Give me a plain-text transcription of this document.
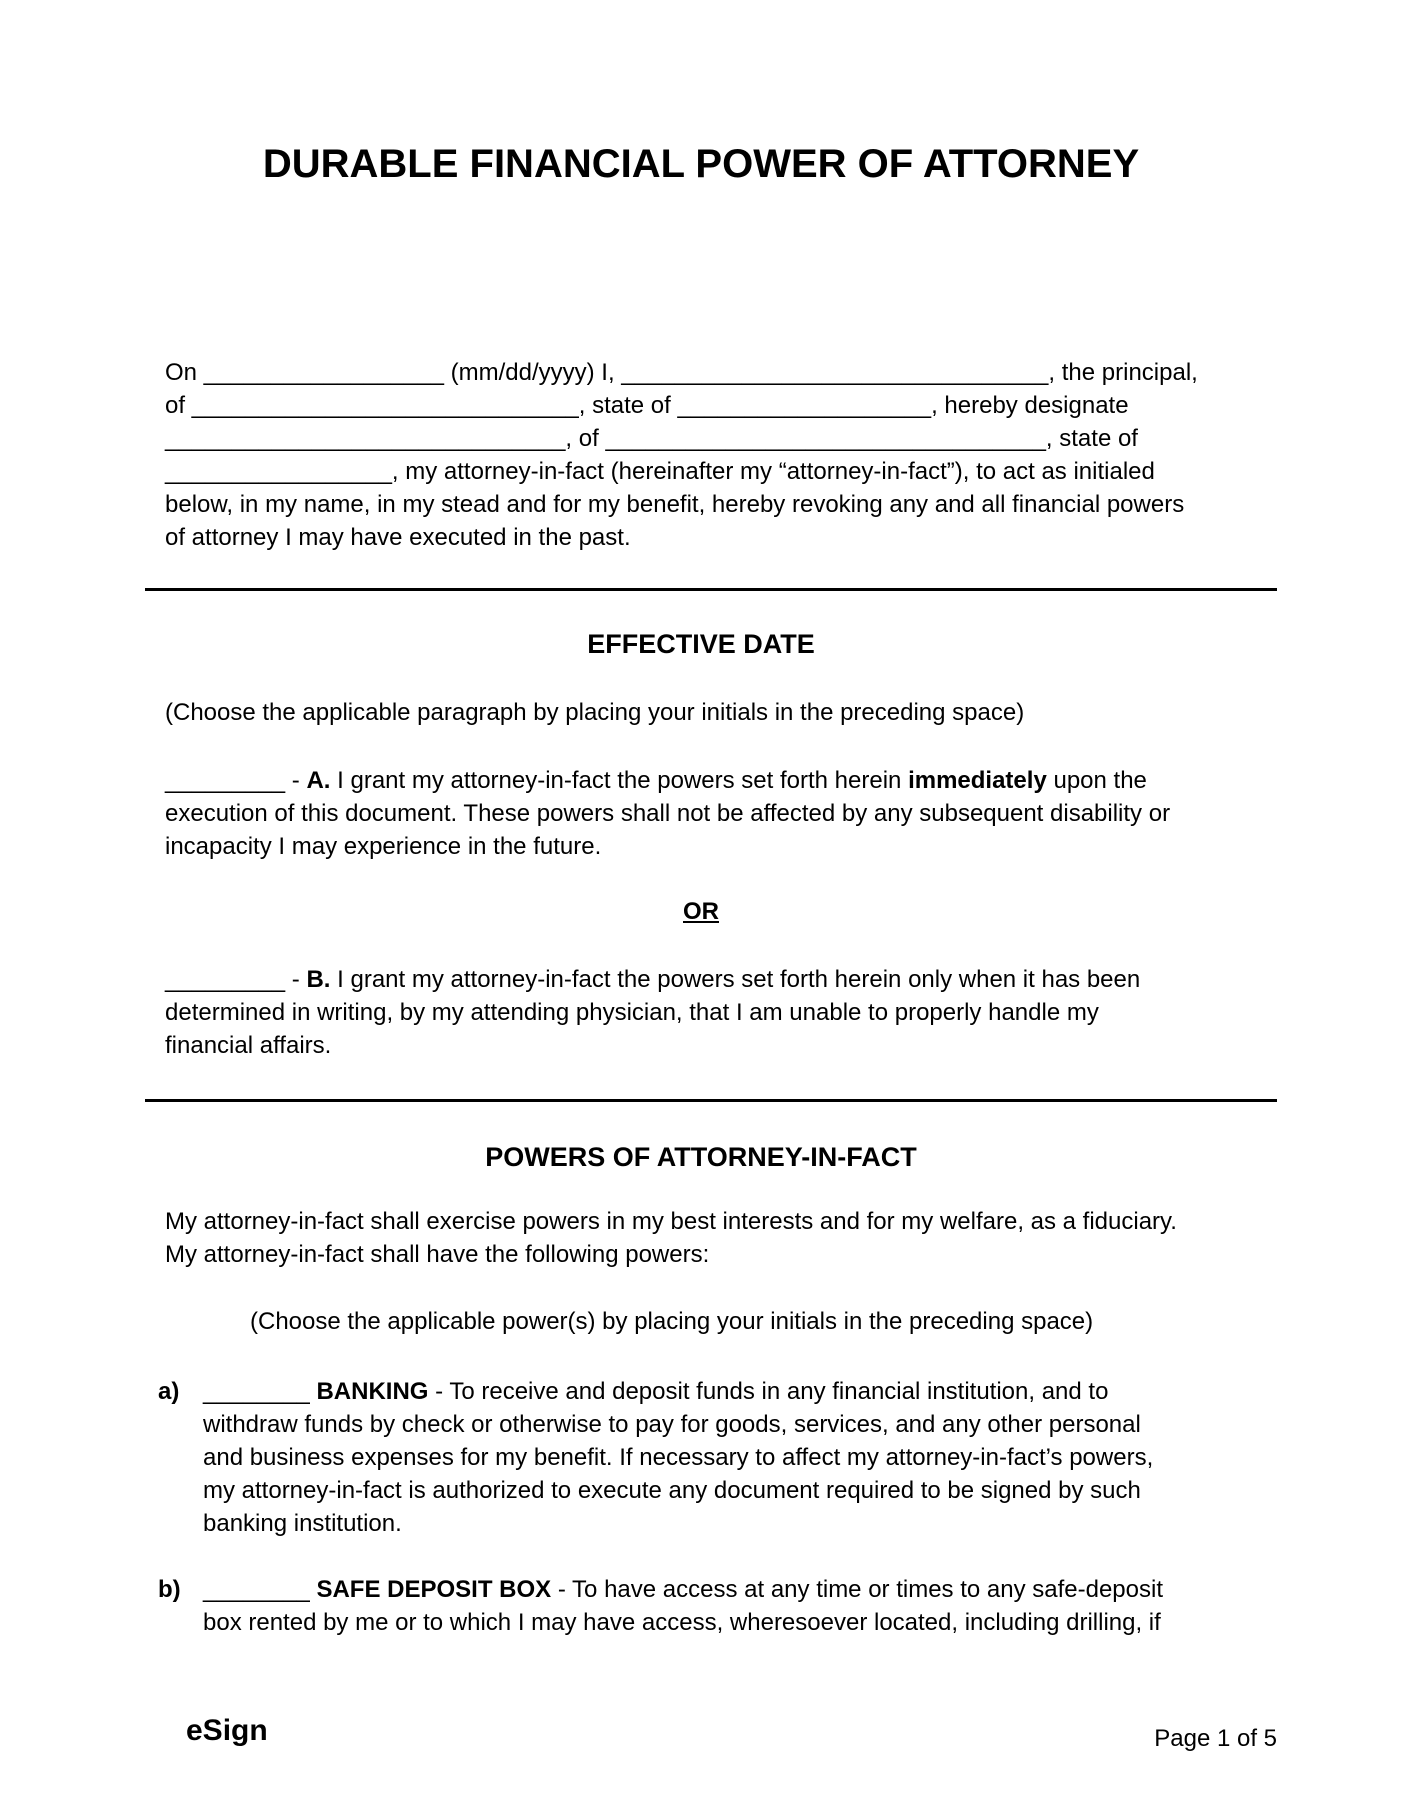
DURABLE FINANCIAL POWER OF ATTORNEY
On __________________ (mm/dd/yyyy) I, ________________________________, the principal,
of _____________________________, state of ___________________, hereby designate
______________________________, of _________________________________, state of
_________________, my attorney-in-fact (hereinafter my “attorney-in-fact”), to act as initialed
below, in my name, in my stead and for my benefit, hereby revoking any and all financial powers
of attorney I may have executed in the past.
EFFECTIVE DATE
(Choose the applicable paragraph by placing your initials in the preceding space)
_________ - A. I grant my attorney-in-fact the powers set forth herein immediately upon the
execution of this document. These powers shall not be affected by any subsequent disability or
incapacity I may experience in the future.
OR
_________ - B. I grant my attorney-in-fact the powers set forth herein only when it has been
determined in writing, by my attending physician, that I am unable to properly handle my
financial affairs.
POWERS OF ATTORNEY-IN-FACT
My attorney-in-fact shall exercise powers in my best interests and for my welfare, as a fiduciary.
My attorney-in-fact shall have the following powers:
(Choose the applicable power(s) by placing your initials in the preceding space)
a) ________ BANKING - To receive and deposit funds in any financial institution, and to
withdraw funds by check or otherwise to pay for goods, services, and any other personal
and business expenses for my benefit. If necessary to affect my attorney-in-fact’s powers,
my attorney-in-fact is authorized to execute any document required to be signed by such
banking institution.
b) ________ SAFE DEPOSIT BOX - To have access at any time or times to any safe-deposit
box rented by me or to which I may have access, wheresoever located, including drilling, if
eSign	Page 1 of 5
